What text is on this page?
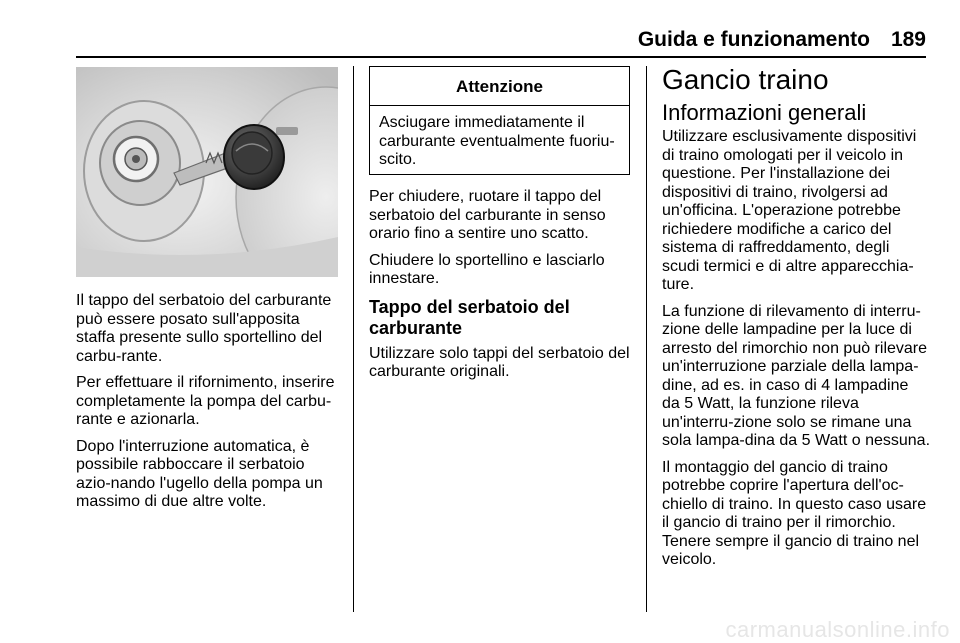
Guida e funzionamento 189

Il tappo del serbatoio del carburante può essere posato sull'apposita staffa presente sullo sportellino del carbu-rante.

Per effettuare il rifornimento, inserire completamente la pompa del carbu-rante e azionarla.

Dopo l'interruzione automatica, è possibile rabboccare il serbatoio azio-nando l'ugello della pompa un massimo di due altre volte.

Attenzione
Asciugare immediatamente il carburante eventualmente fuoriu-scito.

Per chiudere, ruotare il tappo del serbatoio del carburante in senso orario fino a sentire uno scatto.

Chiudere lo sportellino e lasciarlo innestare.

Tappo del serbatoio del carburante

Utilizzare solo tappi del serbatoio del carburante originali.

Gancio traino
Informazioni generali

Utilizzare esclusivamente dispositivi di traino omologati per il veicolo in questione. Per l'installazione dei dispositivi di traino, rivolgersi ad un'officina. L'operazione potrebbe richiedere modifiche a carico del sistema di raffreddamento, degli scudi termici e di altre apparecchia-ture.

La funzione di rilevamento di interru-zione delle lampadine per la luce di arresto del rimorchio non può rilevare un'interruzione parziale della lampa-dine, ad es. in caso di 4 lampadine da 5 Watt, la funzione rileva un'interru-zione solo se rimane una sola lampa-dina da 5 Watt o nessuna.

Il montaggio del gancio di traino potrebbe coprire l'apertura dell'oc-chiello di traino. In questo caso usare il gancio di traino per il rimorchio. Tenere sempre il gancio di traino nel veicolo.

carmanualsonline.info
